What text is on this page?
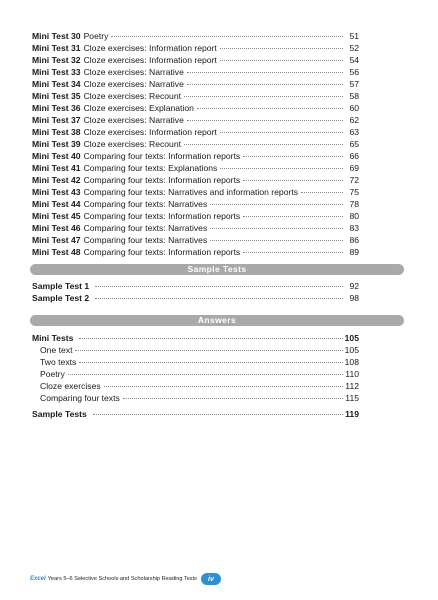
Mini Test 30 Poetry	51
Mini Test 31 Cloze exercises: Information report	52
Mini Test 32 Cloze exercises: Information report	54
Mini Test 33 Cloze exercises: Narrative	56
Mini Test 34 Cloze exercises: Narrative	57
Mini Test 35 Cloze exercises: Recount	58
Mini Test 36 Cloze exercises: Explanation	60
Mini Test 37 Cloze exercises: Narrative	62
Mini Test 38 Cloze exercises: Information report	63
Mini Test 39 Cloze exercises: Recount	65
Mini Test 40 Comparing four texts: Information reports	66
Mini Test 41 Comparing four texts: Explanations	69
Mini Test 42 Comparing four texts: Information reports	72
Mini Test 43 Comparing four texts: Narratives and information reports	75
Mini Test 44 Comparing four texts: Narratives	78
Mini Test 45 Comparing four texts: Information reports	80
Mini Test 46 Comparing four texts: Narratives	83
Mini Test 47 Comparing four texts: Narratives	86
Mini Test 48 Comparing four texts: Information reports	89
Sample Tests
Sample Test 1	92
Sample Test 2	98
Answers
Mini Tests	105
One text	105
Two texts	108
Poetry	110
Cloze exercises	112
Comparing four texts	115
Sample Tests	119
Excel Years 5–6 Selective Schools and Scholarship Reading Tests	iv
